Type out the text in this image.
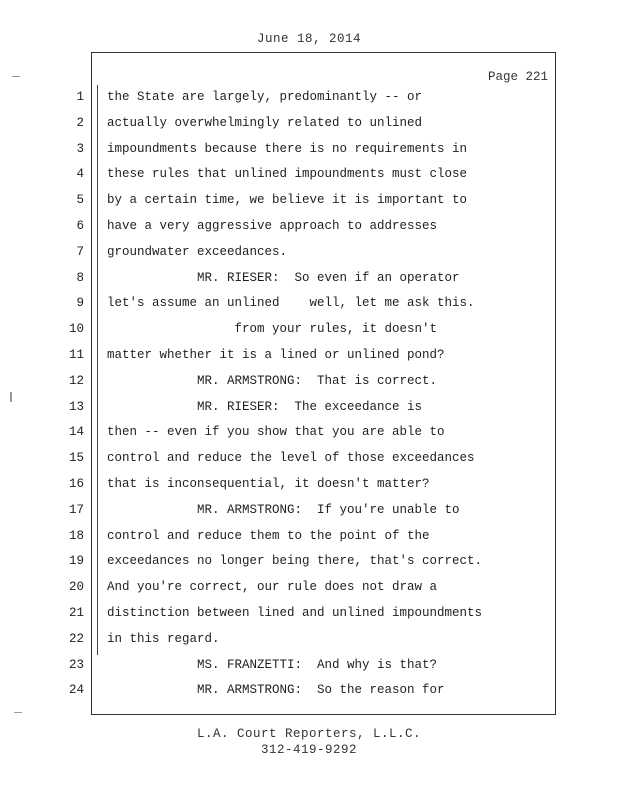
June 18, 2014
Page 221
1 the State are largely, predominantly -- or
2 actually overwhelmingly related to unlined
3 impoundments because there is no requirements in
4 these rules that unlined impoundments must close
5 by a certain time, we believe it is important to
6 have a very aggressive approach to addresses
7 groundwater exceedances.
8 MR. RIESER:  So even if an operator
9 let's assume an unlined    well, let me ask this.
10 from your rules, it doesn't
11 matter whether it is a lined or unlined pond?
12 MR. ARMSTRONG:  That is correct.
13 MR. RIESER:  The exceedance is
14 then -- even if you show that you are able to
15 control and reduce the level of those exceedances
16 that is inconsequential, it doesn't matter?
17 MR. ARMSTRONG:  If you're unable to
18 control and reduce them to the point of the
19 exceedances no longer being there, that's correct.
20 And you're correct, our rule does not draw a
21 distinction between lined and unlined impoundments
22 in this regard.
23 MS. FRANZETTI:  And why is that?
24 MR. ARMSTRONG:  So the reason for
L.A. Court Reporters, L.L.C.
312-419-9292
